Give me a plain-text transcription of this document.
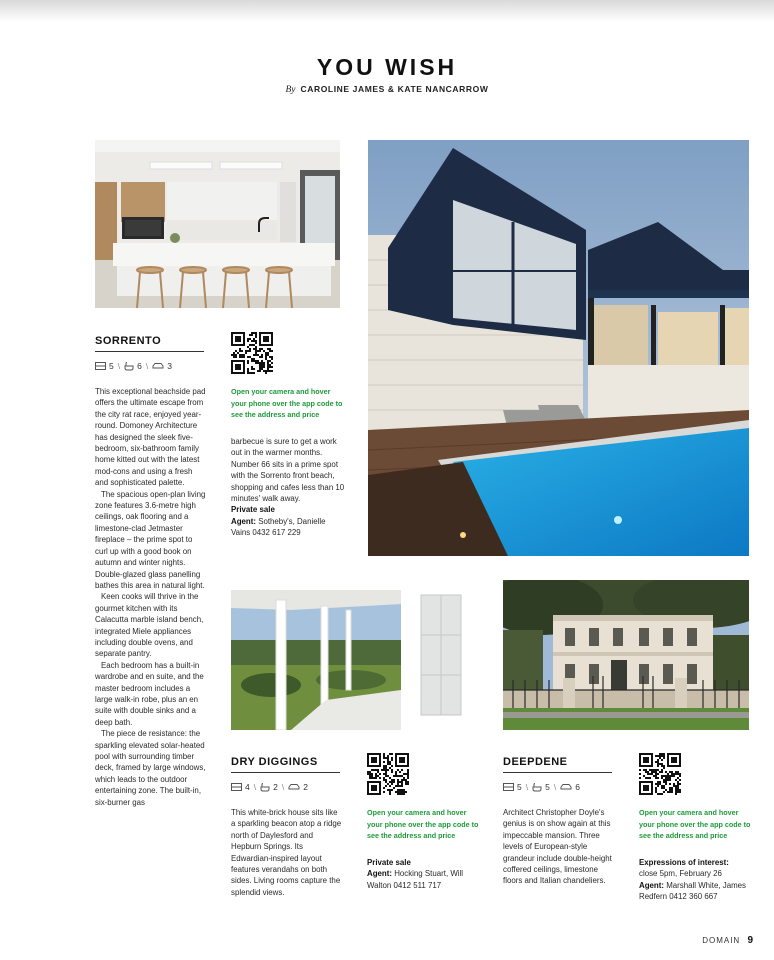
YOU WISH
By CAROLINE JAMES & KATE NANCARROW
SORRENTO
5 \ 6 \ 3

This exceptional beachside pad offers the ultimate escape from the city rat race, enjoyed year-round. Domoney Architecture has designed the sleek five-bedroom, six-bathroom family home kitted out with the latest mod-cons and using a fresh and sophisticated palette.

The spacious open-plan living zone features 3.6-metre high ceilings, oak flooring and a limestone-clad Jetmaster fireplace – the prime spot to curl up with a good book on autumn and winter nights. Double-glazed glass panelling bathes this area in natural light.

Keen cooks will thrive in the gourmet kitchen with its Calacutta marble island bench, integrated Miele appliances including double ovens, and separate pantry.

Each bedroom has a built-in wardrobe and en suite, and the master bedroom includes a large walk-in robe, plus an en suite with double sinks and a deep bath.

The piece de resistance: the sparkling elevated solar-heated pool with surrounding timber deck, framed by large windows, which leads to the outdoor entertaining zone. The built-in, six-burner gas

Open your camera and hover your phone over the app code to see the address and price

barbecue is sure to get a work out in the warmer months. Number 66 sits in a prime spot with the Sorrento front beach, shopping and cafes less than 10 minutes' walk away.

Private sale

Agent: Sotheby's, Danielle Vains 0432 617 229

DRY DIGGINGS
4 \ 2 \ 2

This white-brick house sits like a sparkling beacon atop a ridge north of Daylesford and Hepburn Springs. Its Edwardian-inspired layout features verandahs on both sides. Living rooms capture the splendid views.

Open your camera and hover your phone over the app code to see the address and price

Private sale

Agent: Hocking Stuart, Will Walton 0412 511 717

DEEPDENE
5 \ 5 \ 6

Architect Christopher Doyle's genius is on show again at this impeccable mansion. Three levels of European-style grandeur include double-height coffered ceilings, limestone floors and Italian chandeliers.

Open your camera and hover your phone over the app code to see the address and price

Expressions of interest:

close 5pm, February 26

Agent: Marshall White, James Redfern 0412 360 667

DOMAIN 9
